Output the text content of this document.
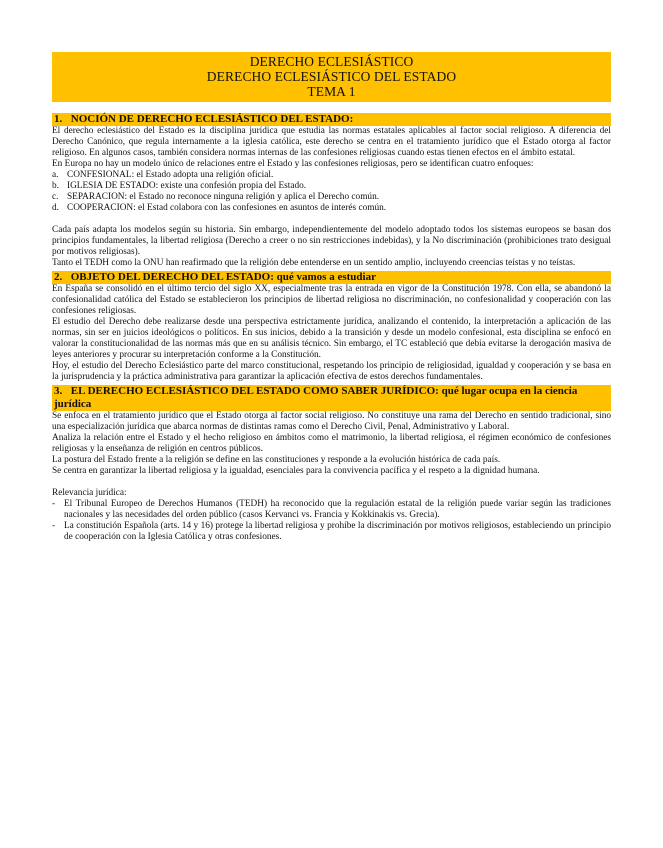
DERECHO ECLESIÁSTICO
DERECHO ECLESIÁSTICO DEL ESTADO
TEMA 1
1. NOCIÓN DE DERECHO ECLESIÁSTICO DEL ESTADO:

El derecho eclesiástico del Estado es la disciplina jurídica que estudia las normas estatales aplicables al factor social religioso. A diferencia del Derecho Canónico, que regula internamente a la iglesia católica, este derecho se centra en el tratamiento jurídico que el Estado otorga al factor religioso. En algunos casos, también considera normas internas de las confesiones religiosas cuando estas tienen efectos en el ámbito estatal.

En Europa no hay un modelo único de relaciones entre el Estado y las confesiones religiosas, pero se identifican cuatro enfoques:

a. CONFESIONAL: el Estado adopta una religión oficial.
b. IGLESIA DE ESTADO: existe una confesión propia del Estado.
c. SEPARACION: el Estado no reconoce ninguna religión y aplica el Derecho común.
d. COOPERACION: el Estad colabora con las confesiones en asuntos de interés común.

Cada país adapta los modelos según su historia. Sin embargo, independientemente del modelo adoptado todos los sistemas europeos se basan dos principios fundamentales, la libertad religiosa (Derecho a creer o no sin restricciones indebidas), y la No discriminación (prohibiciones trato desigual por motivos religiosas).

Tanto el TEDH como la ONU han reafirmado que la religión debe entenderse en un sentido amplio, incluyendo creencias teístas y no teístas.

2. OBJETO DEL DERECHO DEL ESTADO: qué vamos a estudiar

En España se consolidó en el último tercio del siglo XX, especialmente tras la entrada en vigor de la Constitución 1978. Con ella, se abandonó la confesionalidad católica del Estado se establecieron los principios de libertad religiosa no discriminación, no confesionalidad y cooperación con las confesiones religiosas.

El estudio del Derecho debe realizarse desde una perspectiva estrictamente jurídica, analizando el contenido, la interpretación a aplicación de las normas, sin ser en juicios ideológicos o políticos. En sus inicios, debido a la transición y desde un modelo confesional, esta disciplina se enfocó en valorar la constitucionalidad de las normas más que en su análisis técnico. Sin embargo, el TC estableció que debía evitarse la derogación masiva de leyes anteriores y procurar su interpretación conforme a la Constitución.

Hoy, el estudio del Derecho Eclesiástico parte del marco constitucional, respetando los principio de religiosidad, igualdad y cooperación y se basa en la jurisprudencia y la práctica administrativa para garantizar la aplicación efectiva de estos derechos fundamentales.

3. EL DERECHO ECLESIÁSTICO DEL ESTADO COMO SABER JURÍDICO: qué lugar ocupa en la ciencia jurídica

Se enfoca en el tratamiento jurídico que el Estado otorga al factor social religioso. No constituye una rama del Derecho en sentido tradicional, sino una especialización jurídica que abarca normas de distintas ramas como el Derecho Civil, Penal, Administrativo y Laboral.

Analiza la relación entre el Estado y el hecho religioso en ámbitos como el matrimonio, la libertad religiosa, el régimen económico de confesiones religiosas y la enseñanza de religión en centros públicos.

La postura del Estado frente a la religión se define en las constituciones y responde a la evolución histórica de cada país.

Se centra en garantizar la libertad religiosa y la igualdad, esenciales para la convivencia pacífica y el respeto a la dignidad humana.

Relevancia jurídica:

- El Tribunal Europeo de Derechos Humanos (TEDH) ha reconocido que la regulación estatal de la religión puede variar según las tradiciones nacionales y las necesidades del orden público (casos Kervanci vs. Francia y Kokkinakis vs. Grecia).
- La constitución Española (arts. 14 y 16) protege la libertad religiosa y prohíbe la discriminación por motivos religiosos, estableciendo un principio de cooperación con la Iglesia Católica y otras confesiones.
